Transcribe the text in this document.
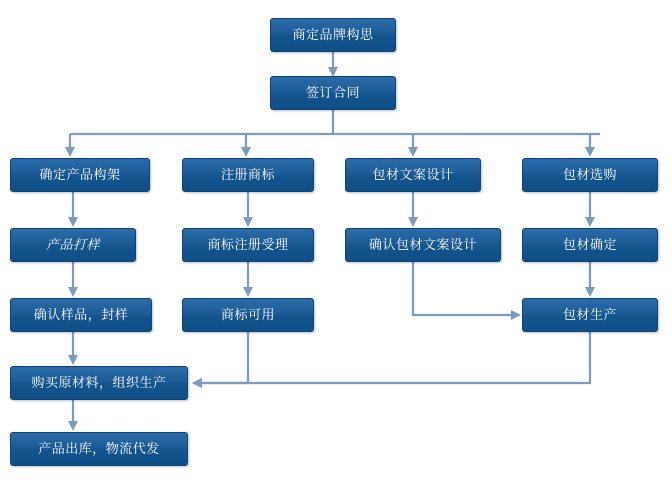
商定品牌构思
签订合同
确定产品构架	注册商标	包材文案设计	包材选购
产品打样	商标注册受理	确认包材文案设计	包材确定
确认样品，封样	商标可用	包材生产
购买原材料，组织生产
产品出库，物流代发
